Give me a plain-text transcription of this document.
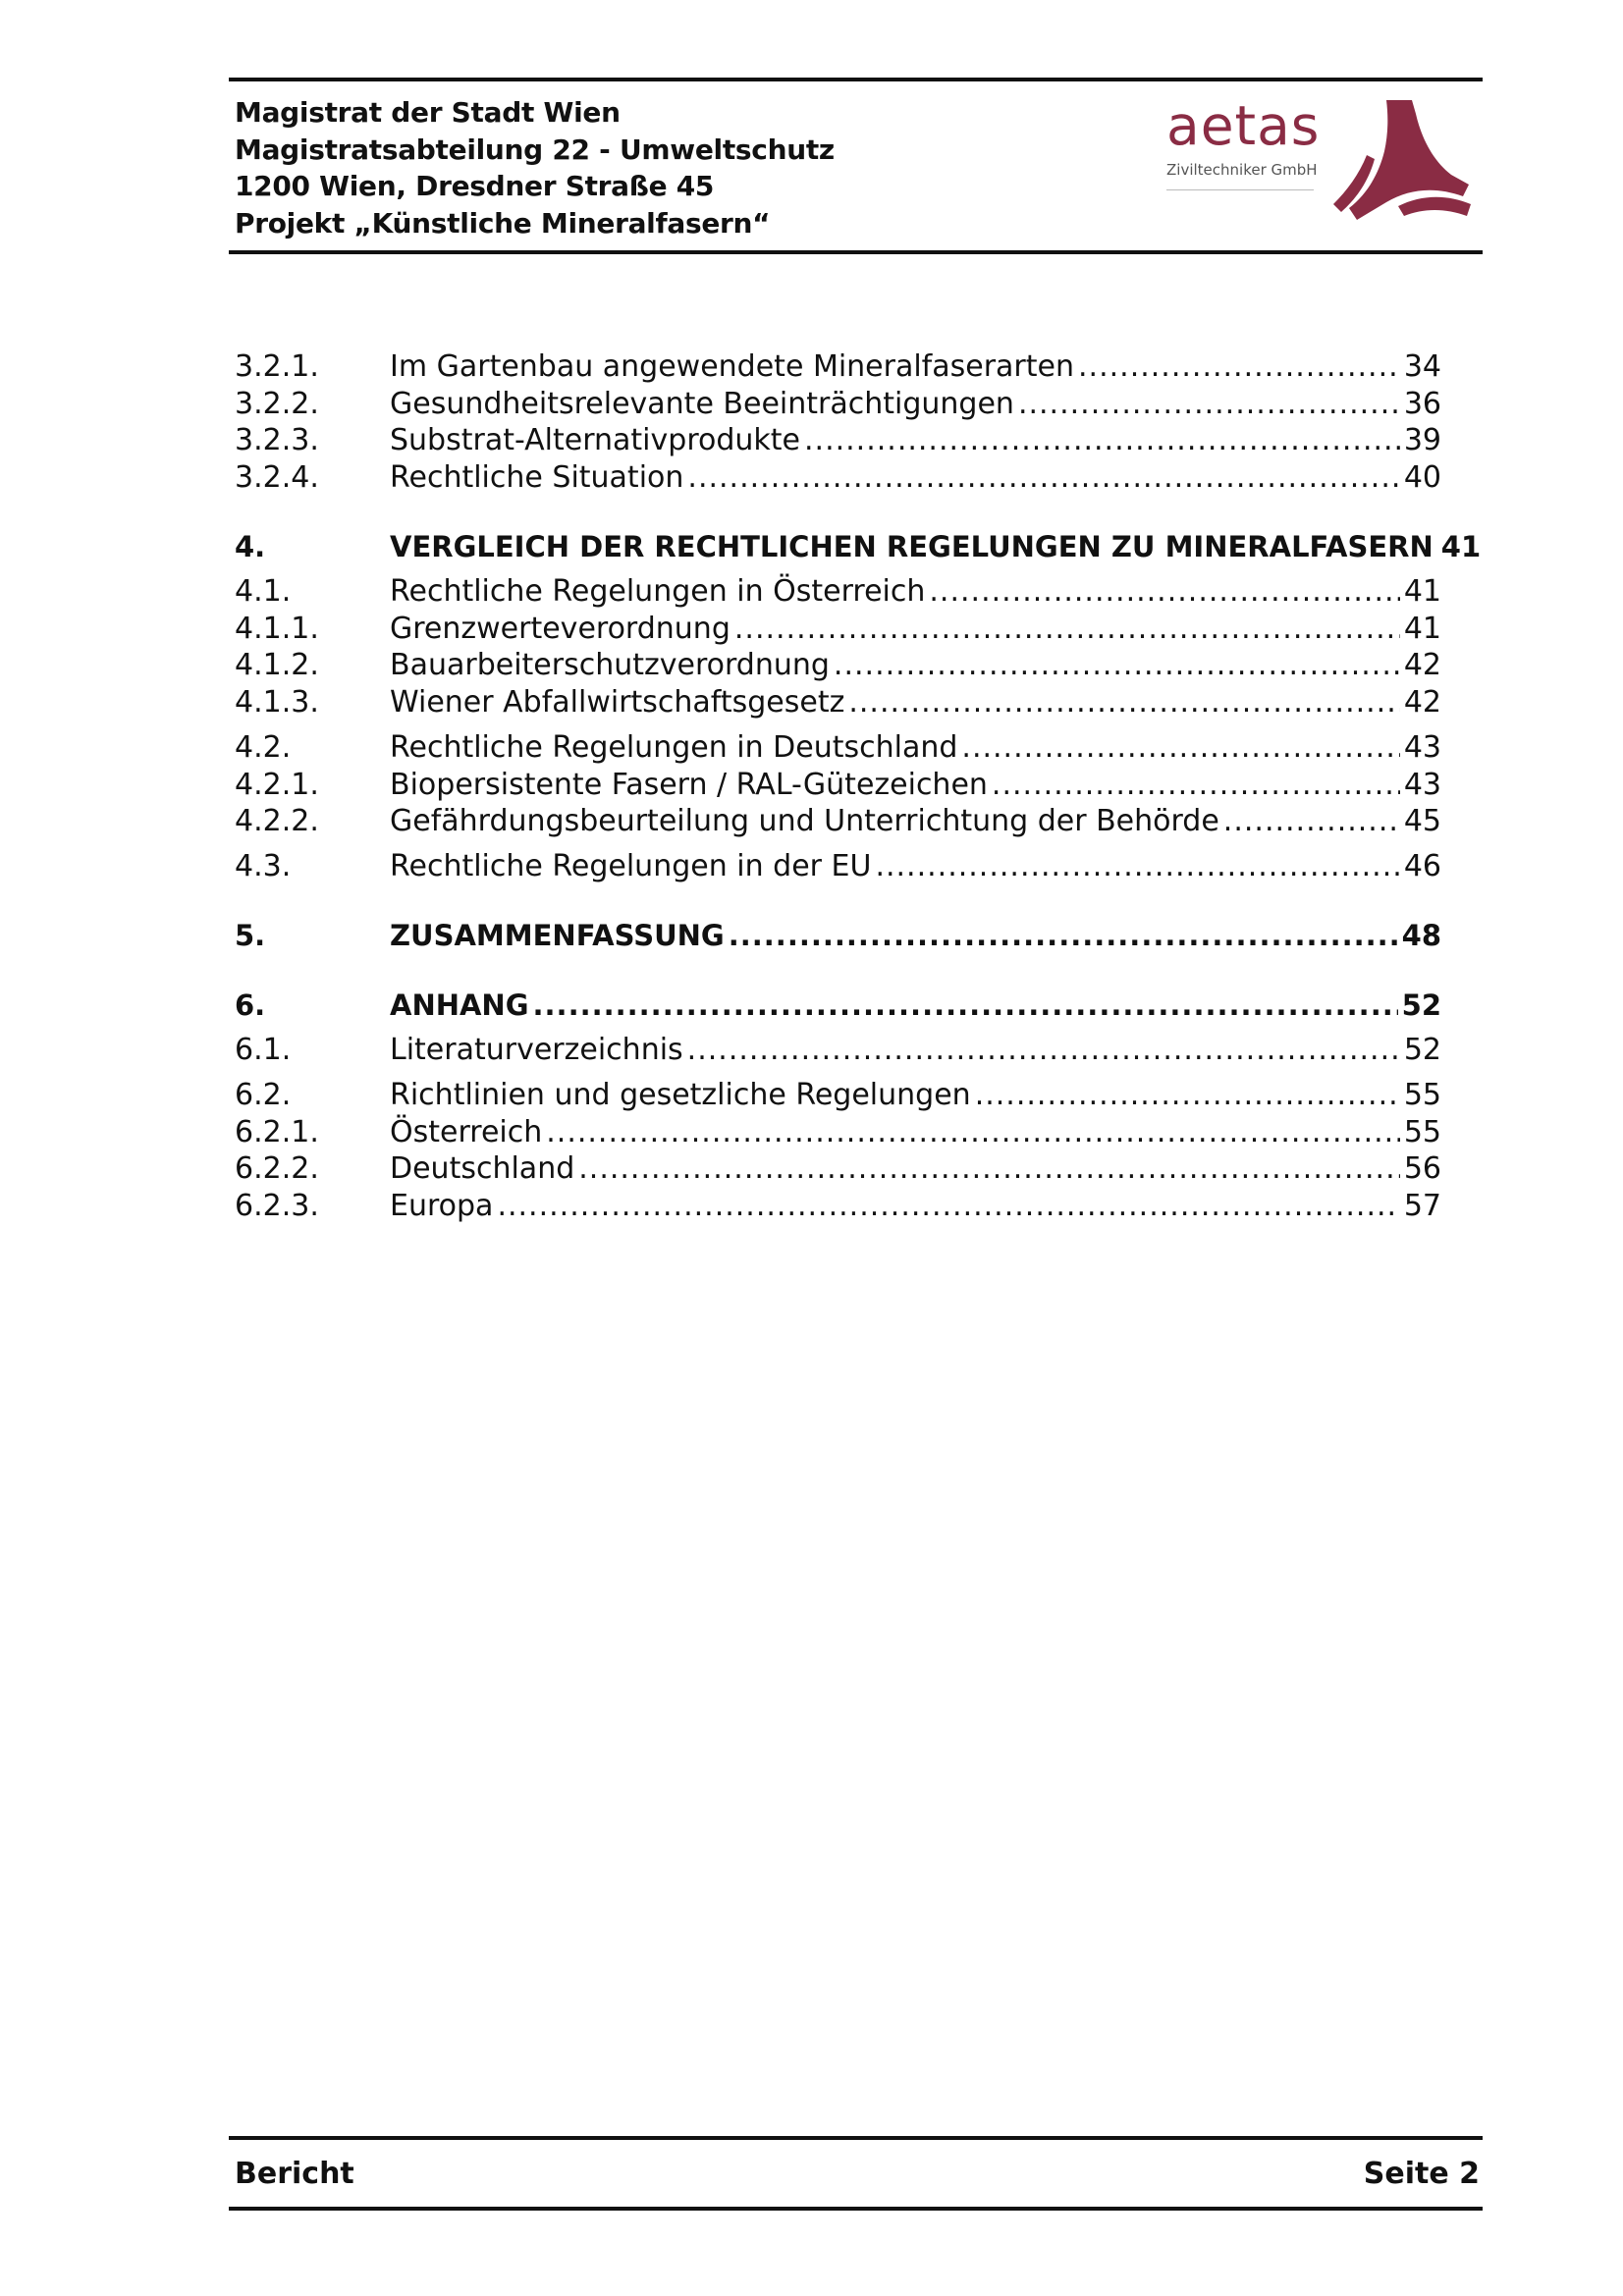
Magistrat der Stadt Wien
Magistratsabteilung 22 - Umweltschutz
1200 Wien, Dresdner Straße 45
Projekt „Künstliche Mineralfasern“
aetas
Ziviltechniker GmbH
3.2.1. Im Gartenbau angewendete Mineralfaserarten .....	34
3.2.2. Gesundheitsrelevante Beeinträchtigungen .....	36
3.2.3. Substrat-Alternativprodukte .....	39
3.2.4. Rechtliche Situation .....	40
4.	VERGLEICH DER RECHTLICHEN REGELUNGEN ZU MINERALFASERN 41
4.1.	Rechtliche Regelungen in Österreich .....	41
4.1.1. Grenzwerteverordnung .....	41
4.1.2. Bauarbeiterschutzverordnung .....	42
4.1.3. Wiener Abfallwirtschaftsgesetz .....	42
4.2.	Rechtliche Regelungen in Deutschland .....	43
4.2.1. Biopersistente Fasern / RAL-Gütezeichen .....	43
4.2.2. Gefährdungsbeurteilung und Unterrichtung der Behörde .....	45
4.3.	Rechtliche Regelungen in der EU .....	46
5.	ZUSAMMENFASSUNG .....	48
6.	ANHANG .....	52
6.1.	Literaturverzeichnis .....	52
6.2.	Richtlinien und gesetzliche Regelungen .....	55
6.2.1. Österreich .....	55
6.2.2. Deutschland .....	56
6.2.3. Europa .....	57
Bericht	Seite 2
